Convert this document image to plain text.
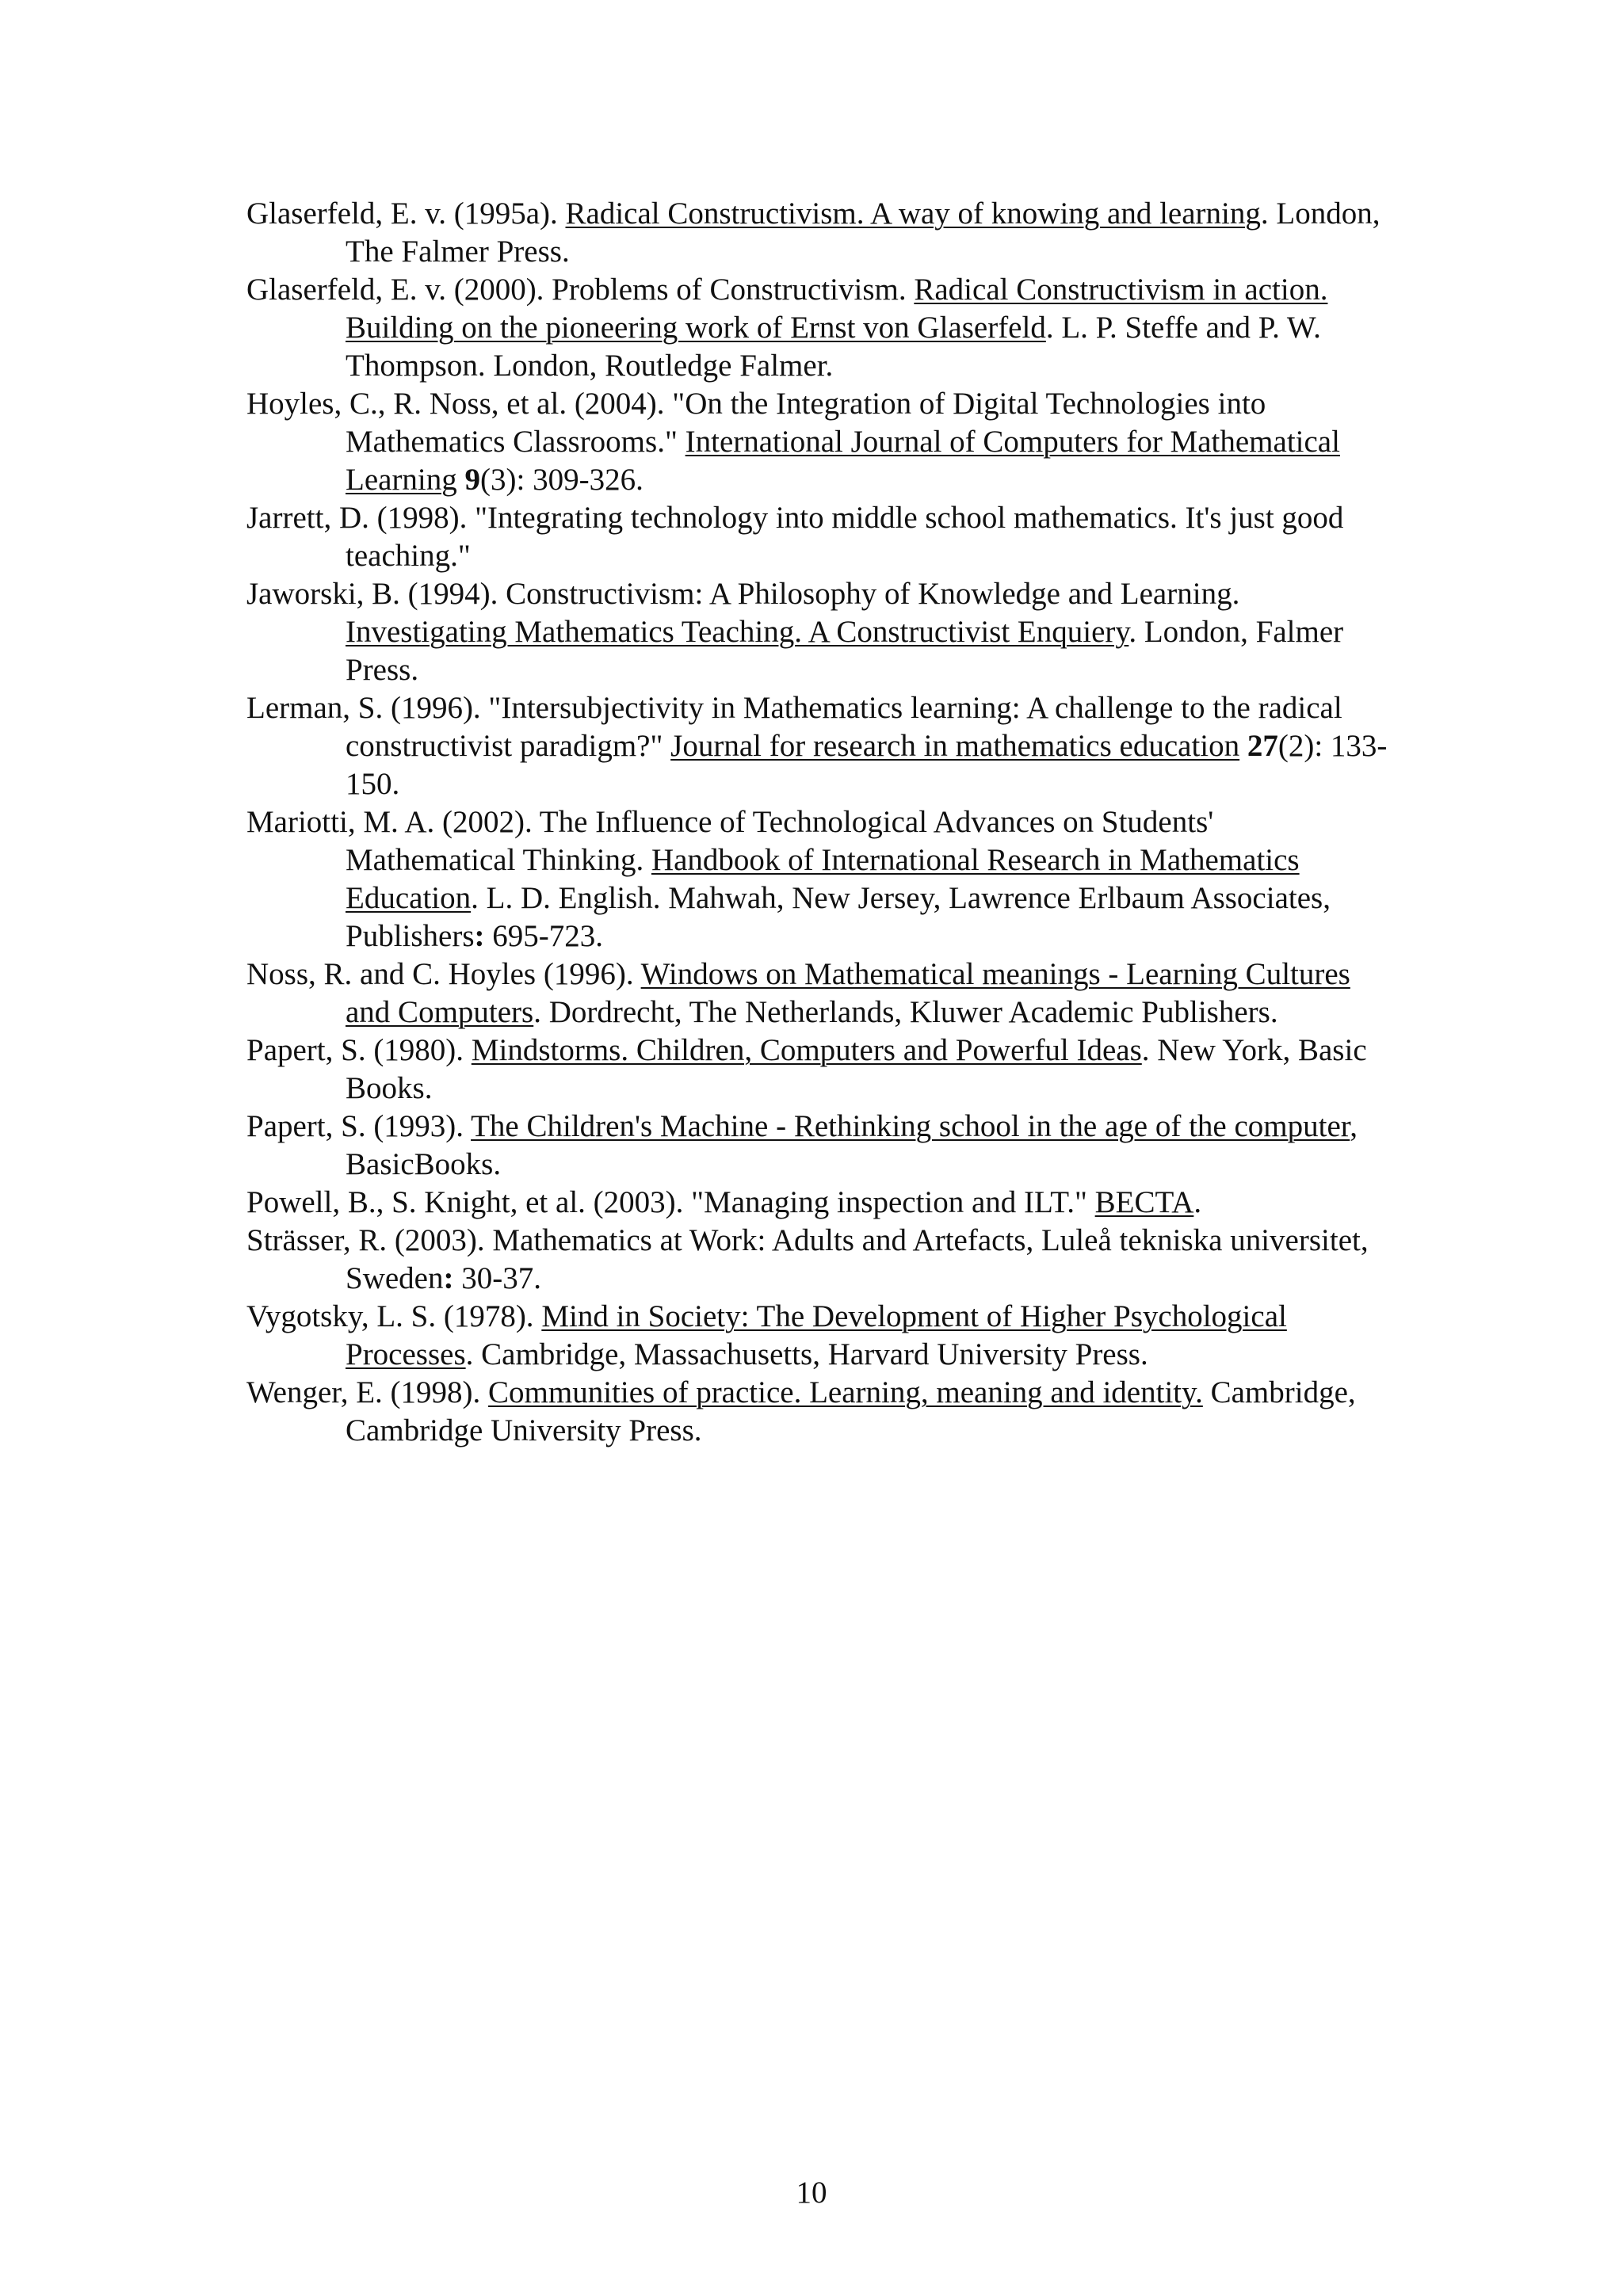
Glaserfeld, E. v. (1995a). Radical Constructivism. A way of knowing and learning. London, The Falmer Press.

Glaserfeld, E. v. (2000). Problems of Constructivism. Radical Constructivism in action. Building on the pioneering work of Ernst von Glaserfeld. L. P. Steffe and P. W. Thompson. London, Routledge Falmer.

Hoyles, C., R. Noss, et al. (2004). "On the Integration of Digital Technologies into Mathematics Classrooms." International Journal of Computers for Mathematical Learning 9(3): 309-326.

Jarrett, D. (1998). "Integrating technology into middle school mathematics. It's just good teaching."

Jaworski, B. (1994). Constructivism: A Philosophy of Knowledge and Learning. Investigating Mathematics Teaching. A Constructivist Enquiery. London, Falmer Press.

Lerman, S. (1996). "Intersubjectivity in Mathematics learning: A challenge to the radical constructivist paradigm?" Journal for research in mathematics education 27(2): 133-150.

Mariotti, M. A. (2002). The Influence of Technological Advances on Students' Mathematical Thinking. Handbook of International Research in Mathematics Education. L. D. English. Mahwah, New Jersey, Lawrence Erlbaum Associates, Publishers: 695-723.

Noss, R. and C. Hoyles (1996). Windows on Mathematical meanings - Learning Cultures and Computers. Dordrecht, The Netherlands, Kluwer Academic Publishers.

Papert, S. (1980). Mindstorms. Children, Computers and Powerful Ideas. New York, Basic Books.

Papert, S. (1993). The Children's Machine - Rethinking school in the age of the computer, BasicBooks.

Powell, B., S. Knight, et al. (2003). "Managing inspection and ILT." BECTA.

Strässer, R. (2003). Mathematics at Work: Adults and Artefacts, Luleå tekniska universitet, Sweden: 30-37.

Vygotsky, L. S. (1978). Mind in Society: The Development of Higher Psychological Processes. Cambridge, Massachusetts, Harvard University Press.

Wenger, E. (1998). Communities of practice. Learning, meaning and identity. Cambridge, Cambridge University Press.

10
